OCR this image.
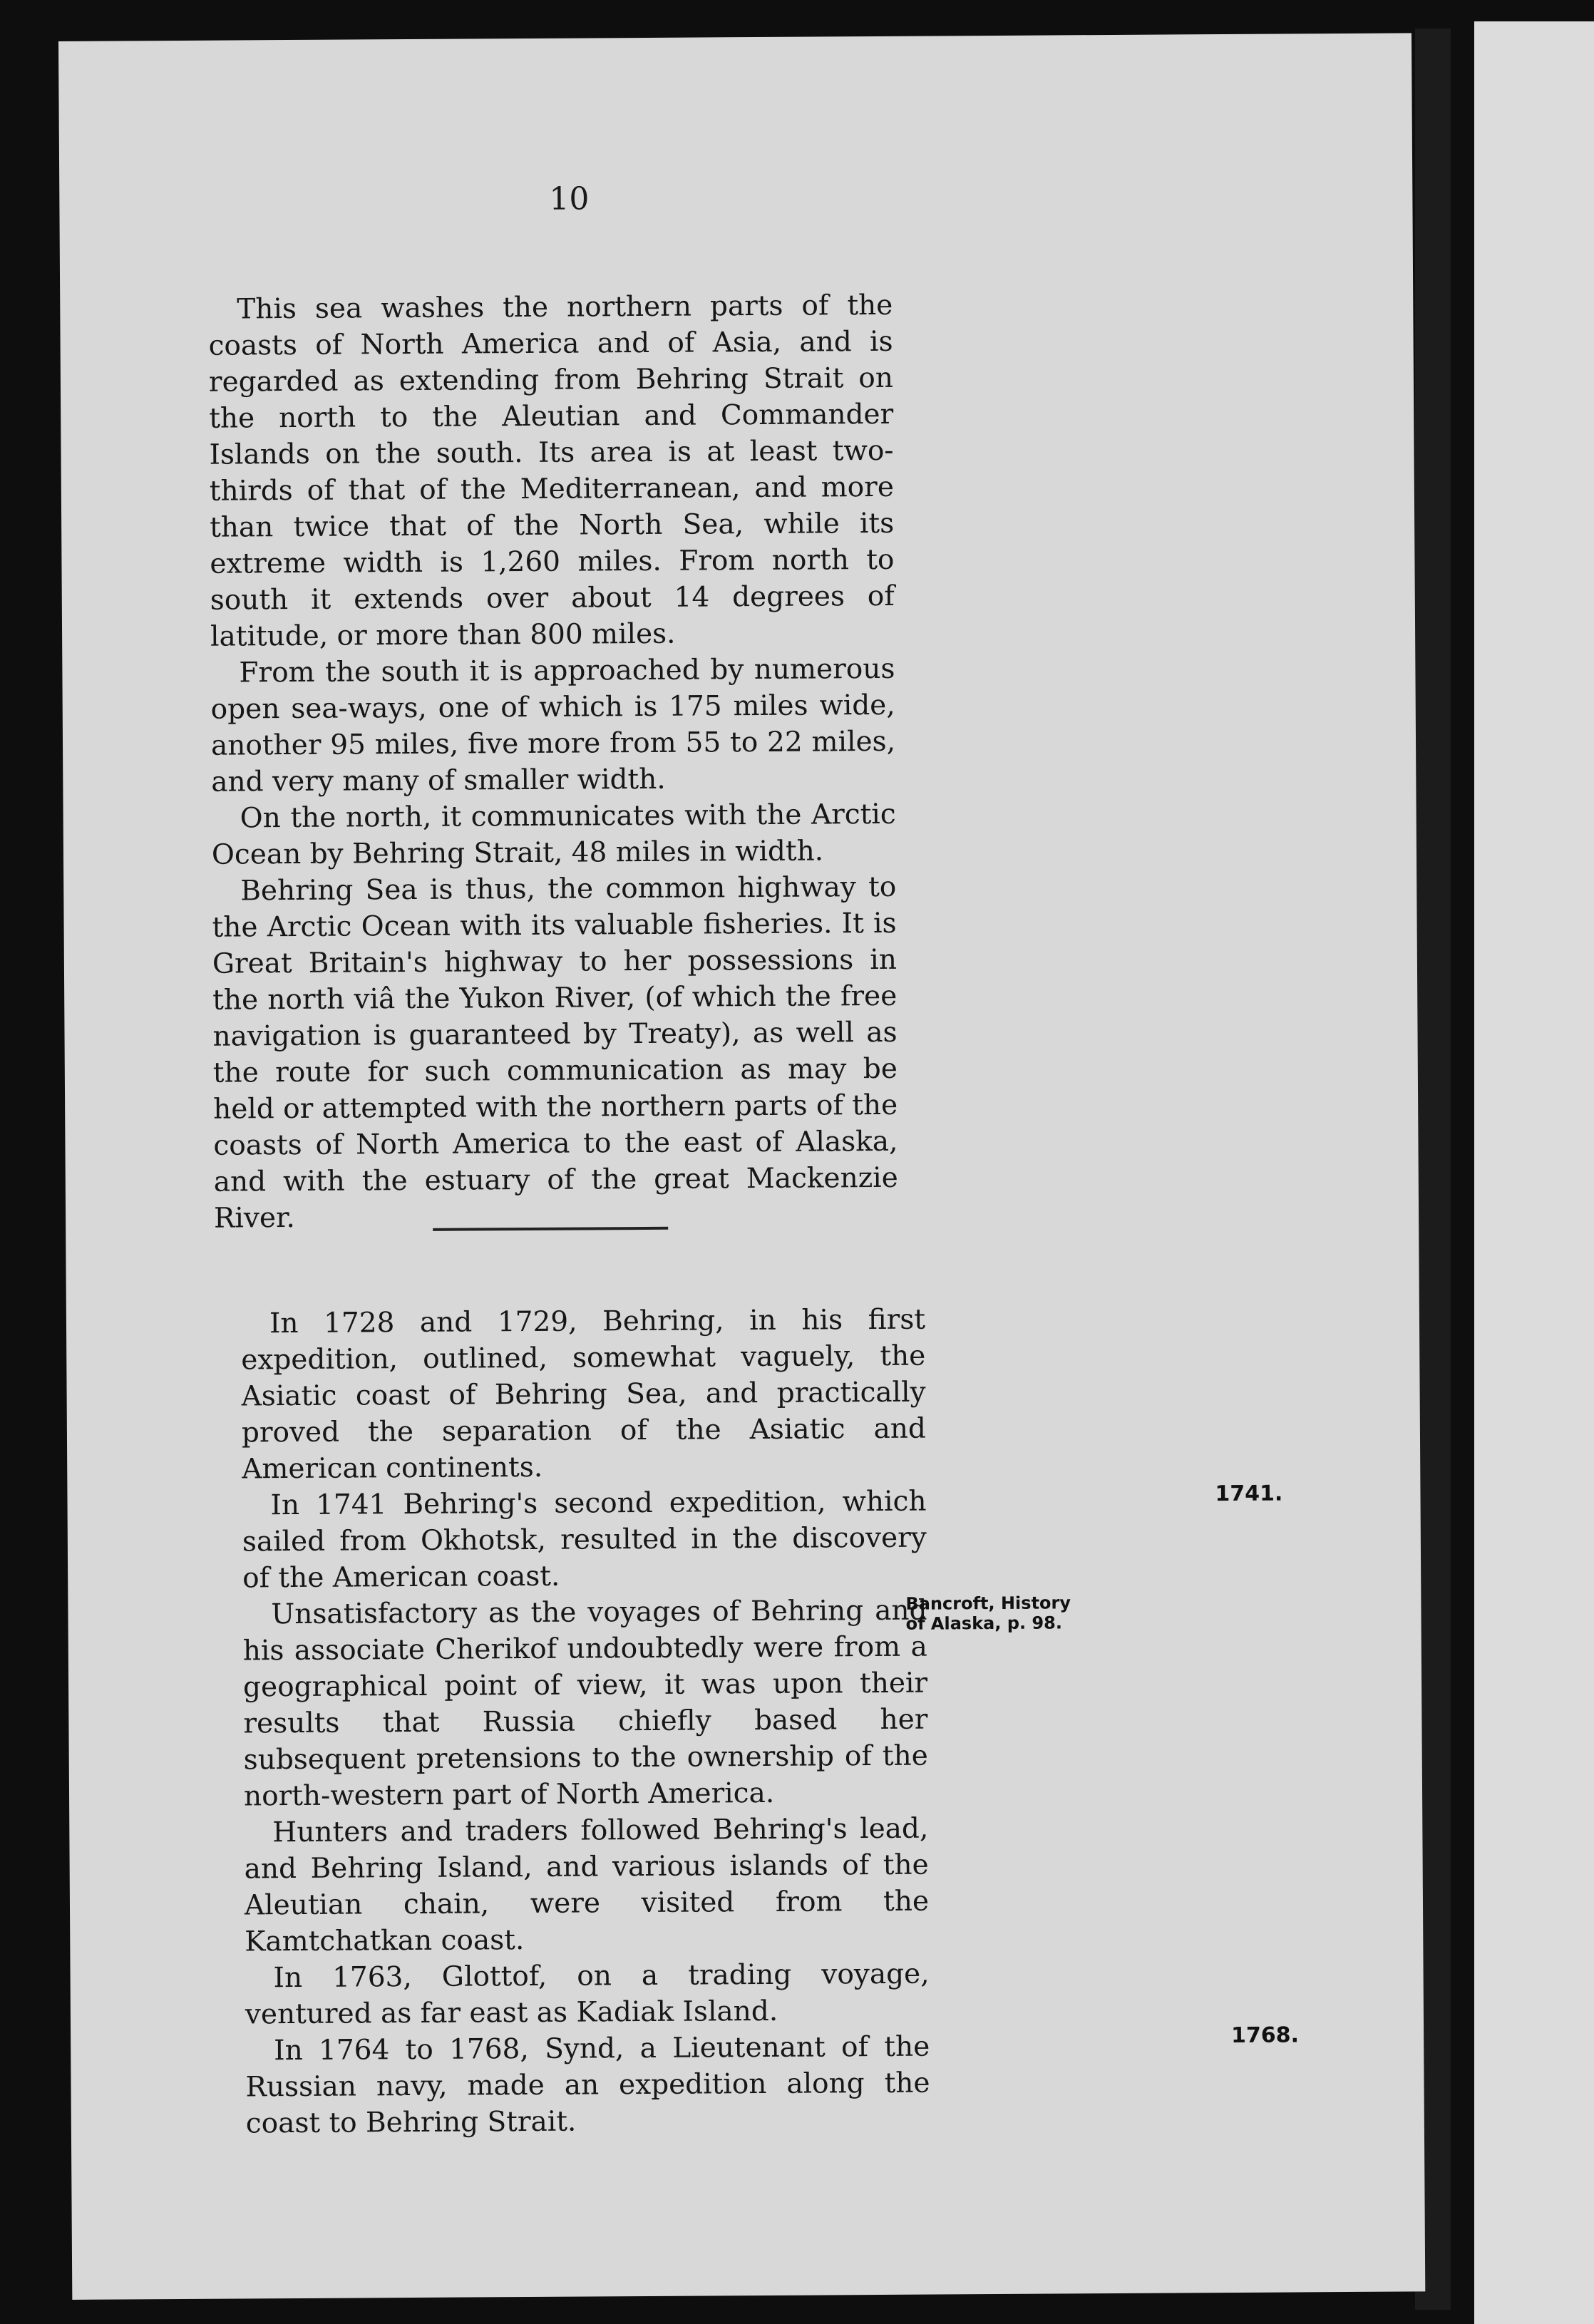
10

This sea washes the northern parts of the coasts of North America and of Asia, and is regarded as extending from Behring Strait on the north to the Aleutian and Commander Islands on the south. Its area is at least two-thirds of that of the Mediterranean, and more than twice that of the North Sea, while its extreme width is 1,260 miles. From north to south it extends over about 14 degrees of latitude, or more than 800 miles.

From the south it is approached by numerous open sea-ways, one of which is 175 miles wide, another 95 miles, five more from 55 to 22 miles, and very many of smaller width.

On the north, it communicates with the Arctic Ocean by Behring Strait, 48 miles in width.

Behring Sea is thus, the common highway to the Arctic Ocean with its valuable fisheries. It is Great Britain's highway to her possessions in the north viâ the Yukon River, (of which the free navigation is guaranteed by Treaty), as well as the route for such communication as may be held or attempted with the northern parts of the coasts of North America to the east of Alaska, and with the estuary of the great Mackenzie River.

In 1728 and 1729, Behring, in his first expedition, outlined, somewhat vaguely, the Asiatic coast of Behring Sea, and practically proved the separation of the Asiatic and American continents.

In 1741 Behring's second expedition, which sailed from Okhotsk, resulted in the discovery of the American coast.

Unsatisfactory as the voyages of Behring and his associate Cherikof undoubtedly were from a geographical point of view, it was upon their results that Russia chiefly based her subsequent pretensions to the ownership of the north-western part of North America.

Hunters and traders followed Behring's lead, and Behring Island, and various islands of the Aleutian chain, were visited from the Kamtchatkan coast.

In 1763, Glottof, on a trading voyage, ventured as far east as Kadiak Island.

In 1764 to 1768, Synd, a Lieutenant of the Russian navy, made an expedition along the coast to Behring Strait.

1741.
Bancroft, History
of Alaska, p. 98.
1768.
